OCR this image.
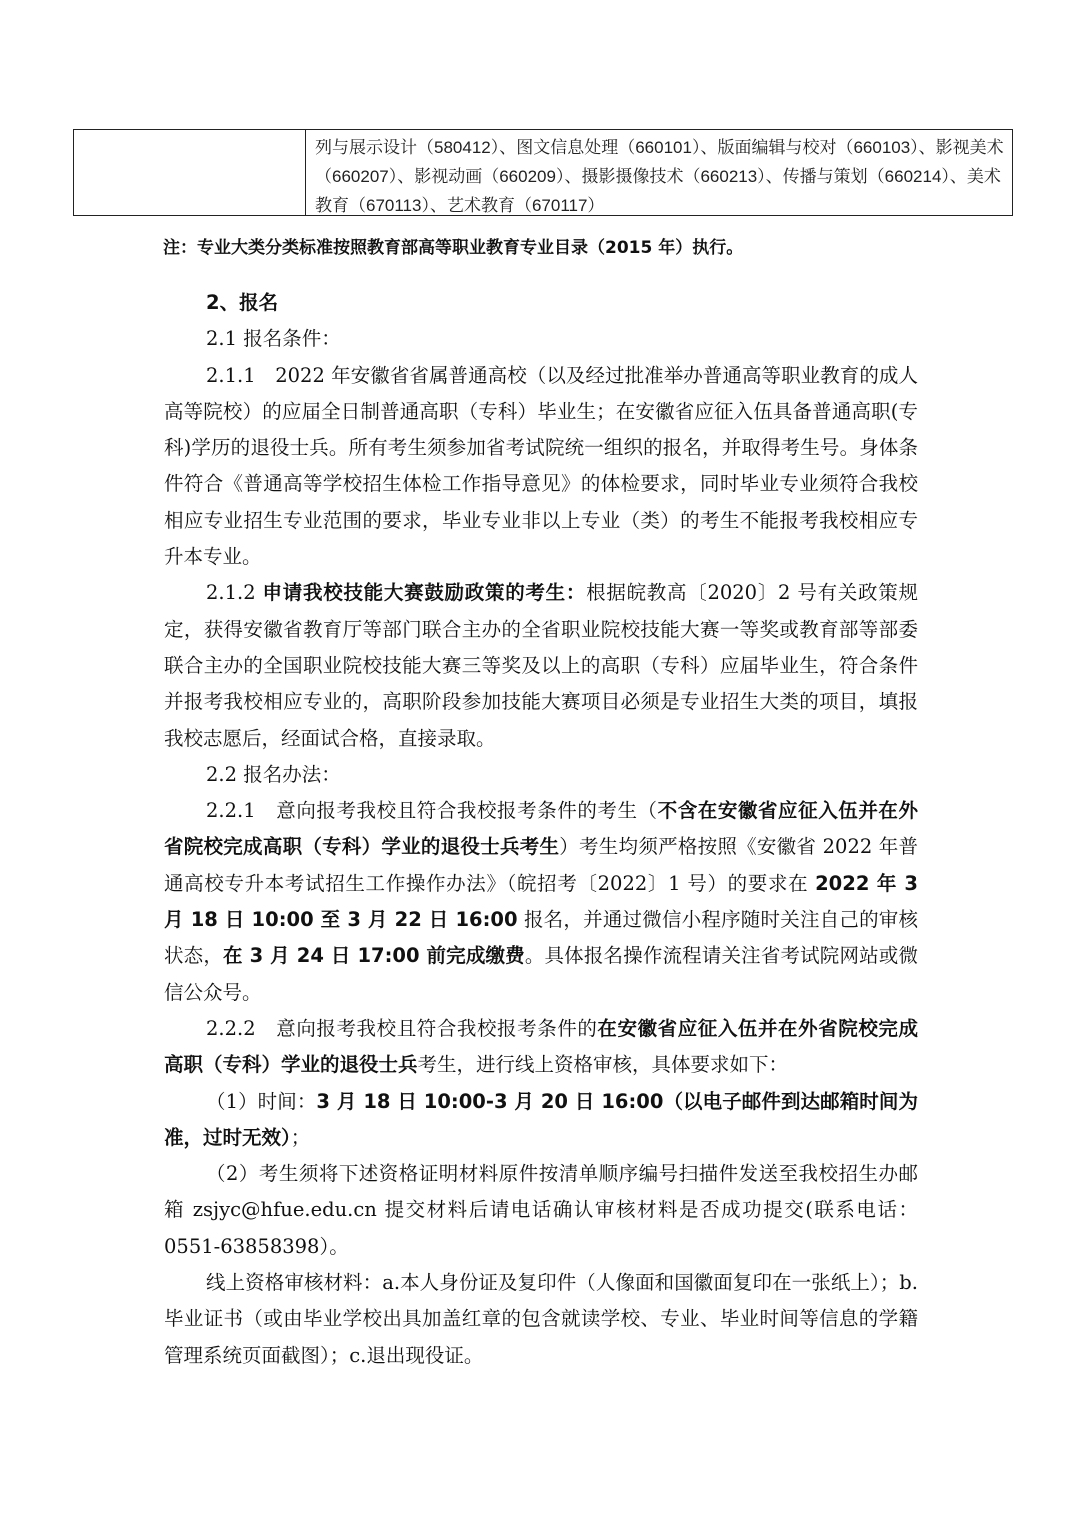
列与展示设计（580412）、图文信息处理（660101）、版面编辑与校对（660103）、影视美术（660207）、影视动画（660209）、摄影摄像技术（660213）、传播与策划（660214）、美术教育（670113）、艺术教育（670117）
注：专业大类分类标准按照教育部高等职业教育专业目录（2015 年）执行。

2、报名

2.1 报名条件：

2.1.1　2022 年安徽省省属普通高校（以及经过批准举办普通高等职业教育的成人高等院校）的应届全日制普通高职（专科）毕业生；在安徽省应征入伍具备普通高职(专科)学历的退役士兵。所有考生须参加省考试院统一组织的报名，并取得考生号。身体条件符合《普通高等学校招生体检工作指导意见》的体检要求，同时毕业专业须符合我校相应专业招生专业范围的要求，毕业专业非以上专业（类）的考生不能报考我校相应专升本专业。

2.1.2 申请我校技能大赛鼓励政策的考生：根据皖教高〔2020〕2 号有关政策规定，获得安徽省教育厅等部门联合主办的全省职业院校技能大赛一等奖或教育部等部委联合主办的全国职业院校技能大赛三等奖及以上的高职（专科）应届毕业生，符合条件并报考我校相应专业的，高职阶段参加技能大赛项目必须是专业招生大类的项目，填报我校志愿后，经面试合格，直接录取。

2.2 报名办法：

2.2.1　意向报考我校且符合我校报考条件的考生（不含在安徽省应征入伍并在外省院校完成高职（专科）学业的退役士兵考生）考生均须严格按照《安徽省 2022 年普通高校专升本考试招生工作操作办法》（皖招考〔2022〕1 号）的要求在 2022 年 3 月 18 日 10:00 至 3 月 22 日 16:00 报名，并通过微信小程序随时关注自己的审核状态，在 3 月 24 日 17:00 前完成缴费。具体报名操作流程请关注省考试院网站或微信公众号。

2.2.2　意向报考我校且符合我校报考条件的在安徽省应征入伍并在外省院校完成高职（专科）学业的退役士兵考生，进行线上资格审核，具体要求如下：

（1）时间：3 月 18 日 10:00-3 月 20 日 16:00（以电子邮件到达邮箱时间为准，过时无效）；

（2）考生须将下述资格证明材料原件按清单顺序编号扫描件发送至我校招生办邮箱 zsjyc@hfue.edu.cn 提交材料后请电话确认审核材料是否成功提交(联系电话：0551-63858398）。

线上资格审核材料：a.本人身份证及复印件（人像面和国徽面复印在一张纸上）；b.毕业证书（或由毕业学校出具加盖红章的包含就读学校、专业、毕业时间等信息的学籍管理系统页面截图）；c.退出现役证。
